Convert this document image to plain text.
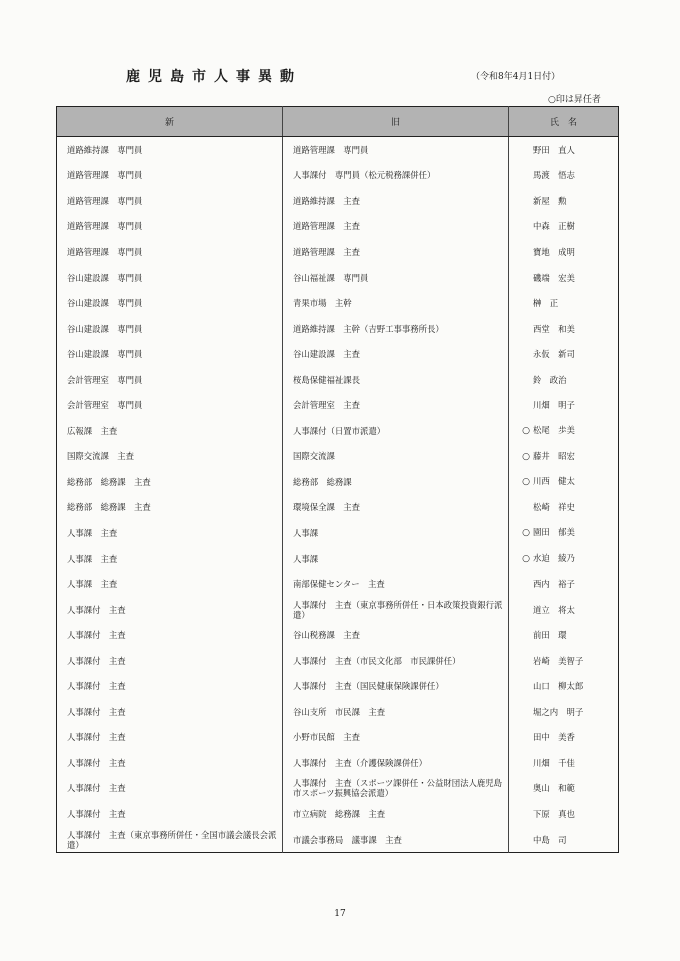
鹿児島市人事異動	（令和8年4月1日付）
○印は昇任者
新	旧	氏　名
道路維持課　専門員	道路管理課　専門員	野田　直人
道路管理課　専門員	人事課付　専門員（松元税務課併任）	馬渡　悟志
道路管理課　専門員	道路維持課　主査	新屋　勲
道路管理課　専門員	道路管理課　主査	中森　正樹
道路管理課　専門員	道路管理課　主査	寶地　成明
谷山建設課　専門員	谷山福祉課　専門員	磯端　宏美
谷山建設課　専門員	青果市場　主幹	榊　正
谷山建設課　専門員	道路維持課　主幹（吉野工事事務所長）	西堂　和美
谷山建設課　専門員	谷山建設課　主査	永仮　新司
会計管理室　専門員	桜島保健福祉課長	鈴　政治
会計管理室　専門員	会計管理室　主査	川畑　明子
広報課　主査	人事課付（日置市派遣）	○ 松尾　歩美
国際交流課　主査	国際交流課	○ 藤井　昭宏
総務部　総務課　主査	総務部　総務課	○ 川西　健太
総務部　総務課　主査	環境保全課　主査	松崎　祥史
人事課　主査	人事課	○ 園田　郁美
人事課　主査	人事課	○ 水迫　綾乃
人事課　主査	南部保健センター　主査	西内　裕子
人事課付　主査	人事課付　主査（東京事務所併任・日本政策投資銀行派遣）	道立　将太
人事課付　主査	谷山税務課　主査	前田　環
人事課付　主査	人事課付　主査（市民文化部　市民課併任）	岩崎　美智子
人事課付　主査	人事課付　主査（国民健康保険課併任）	山口　柳太郎
人事課付　主査	谷山支所　市民課　主査	堀之内　明子
人事課付　主査	小野市民館　主査	田中　美香
人事課付　主査	人事課付　主査（介護保険課併任）	川畑　千佳
人事課付　主査	人事課付　主査（スポーツ課併任・公益財団法人鹿児島市スポーツ振興協会派遣）	奥山　和範
人事課付　主査	市立病院　総務課　主査	下原　真也
人事課付　主査（東京事務所併任・全国市議会議長会派遣）	市議会事務局　議事課　主査	中島　司
17
